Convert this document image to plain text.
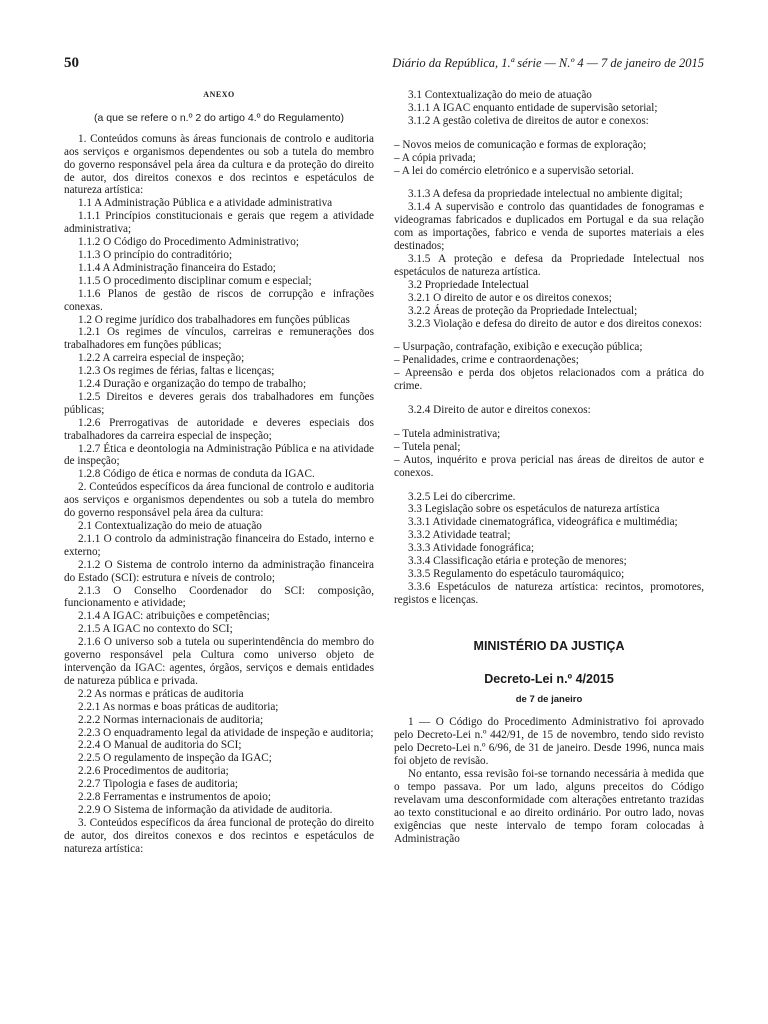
50	Diário da República, 1.ª série — N.º 4 — 7 de janeiro de 2015

ANEXO

(a que se refere o n.º 2 do artigo 4.º do Regulamento)

1. Conteúdos comuns às áreas funcionais de controlo e auditoria aos serviços e organismos dependentes ou sob a tutela do membro do governo responsável pela área da cultura e da proteção do direito de autor, dos direitos conexos e dos recintos e espetáculos de natureza artística:

1.1 A Administração Pública e a atividade administrativa

1.1.1 Princípios constitucionais e gerais que regem a atividade administrativa;

1.1.2 O Código do Procedimento Administrativo;

1.1.3 O princípio do contraditório;

1.1.4 A Administração financeira do Estado;

1.1.5 O procedimento disciplinar comum e especial;

1.1.6 Planos de gestão de riscos de corrupção e infrações conexas.

1.2 O regime jurídico dos trabalhadores em funções públicas

1.2.1 Os regimes de vínculos, carreiras e remunerações dos trabalhadores em funções públicas;

1.2.2 A carreira especial de inspeção;

1.2.3 Os regimes de férias, faltas e licenças;

1.2.4 Duração e organização do tempo de trabalho;

1.2.5 Direitos e deveres gerais dos trabalhadores em funções públicas;

1.2.6 Prerrogativas de autoridade e deveres especiais dos trabalhadores da carreira especial de inspeção;

1.2.7 Ética e deontologia na Administração Pública e na atividade de inspeção;

1.2.8 Código de ética e normas de conduta da IGAC.

2. Conteúdos específicos da área funcional de controlo e auditoria aos serviços e organismos dependentes ou sob a tutela do membro do governo responsável pela área da cultura:

2.1 Contextualização do meio de atuação

2.1.1 O controlo da administração financeira do Estado, interno e externo;

2.1.2 O Sistema de controlo interno da administração financeira do Estado (SCI): estrutura e níveis de controlo;

2.1.3 O Conselho Coordenador do SCI: composição, funcionamento e atividade;

2.1.4 A IGAC: atribuições e competências;

2.1.5 A IGAC no contexto do SCI;

2.1.6 O universo sob a tutela ou superintendência do membro do governo responsável pela Cultura como universo objeto de intervenção da IGAC: agentes, órgãos, serviços e demais entidades de natureza pública e privada.

2.2 As normas e práticas de auditoria

2.2.1 As normas e boas práticas de auditoria;

2.2.2 Normas internacionais de auditoria;

2.2.3 O enquadramento legal da atividade de inspeção e auditoria;

2.2.4 O Manual de auditoria do SCI;

2.2.5 O regulamento de inspeção da IGAC;

2.2.6 Procedimentos de auditoria;

2.2.7 Tipologia e fases de auditoria;

2.2.8 Ferramentas e instrumentos de apoio;

2.2.9 O Sistema de informação da atividade de auditoria.

3. Conteúdos específicos da área funcional de proteção do direito de autor, dos direitos conexos e dos recintos e espetáculos de natureza artística:

3.1 Contextualização do meio de atuação

3.1.1 A IGAC enquanto entidade de supervisão setorial;

3.1.2 A gestão coletiva de direitos de autor e conexos:

– Novos meios de comunicação e formas de exploração;

– A cópia privada;

– A lei do comércio eletrónico e a supervisão setorial.

3.1.3 A defesa da propriedade intelectual no ambiente digital;

3.1.4 A supervisão e controlo das quantidades de fonogramas e videogramas fabricados e duplicados em Portugal e da sua relação com as importações, fabrico e venda de suportes materiais a eles destinados;

3.1.5 A proteção e defesa da Propriedade Intelectual nos espetáculos de natureza artística.

3.2 Propriedade Intelectual

3.2.1 O direito de autor e os direitos conexos;

3.2.2 Áreas de proteção da Propriedade Intelectual;

3.2.3 Violação e defesa do direito de autor e dos direitos conexos:

– Usurpação, contrafação, exibição e execução pública;

– Penalidades, crime e contraordenações;

– Apreensão e perda dos objetos relacionados com a prática do crime.

3.2.4 Direito de autor e direitos conexos:

– Tutela administrativa;

– Tutela penal;

– Autos, inquérito e prova pericial nas áreas de direitos de autor e conexos.

3.2.5 Lei do cibercrime.

3.3 Legislação sobre os espetáculos de natureza artística

3.3.1 Atividade cinematográfica, videográfica e multimédia;

3.3.2 Atividade teatral;

3.3.3 Atividade fonográfica;

3.3.4 Classificação etária e proteção de menores;

3.3.5 Regulamento do espetáculo tauromáquico;

3.3.6 Espetáculos de natureza artística: recintos, promotores, registos e licenças.

MINISTÉRIO DA JUSTIÇA

Decreto-Lei n.º 4/2015

de 7 de janeiro

1 — O Código do Procedimento Administrativo foi aprovado pelo Decreto-Lei n.º 442/91, de 15 de novembro, tendo sido revisto pelo Decreto-Lei n.º 6/96, de 31 de janeiro. Desde 1996, nunca mais foi objeto de revisão.

No entanto, essa revisão foi-se tornando necessária à medida que o tempo passava. Por um lado, alguns preceitos do Código revelavam uma desconformidade com alterações entretanto trazidas ao texto constitucional e ao direito ordinário. Por outro lado, novas exigências que neste intervalo de tempo foram colocadas à Administração
